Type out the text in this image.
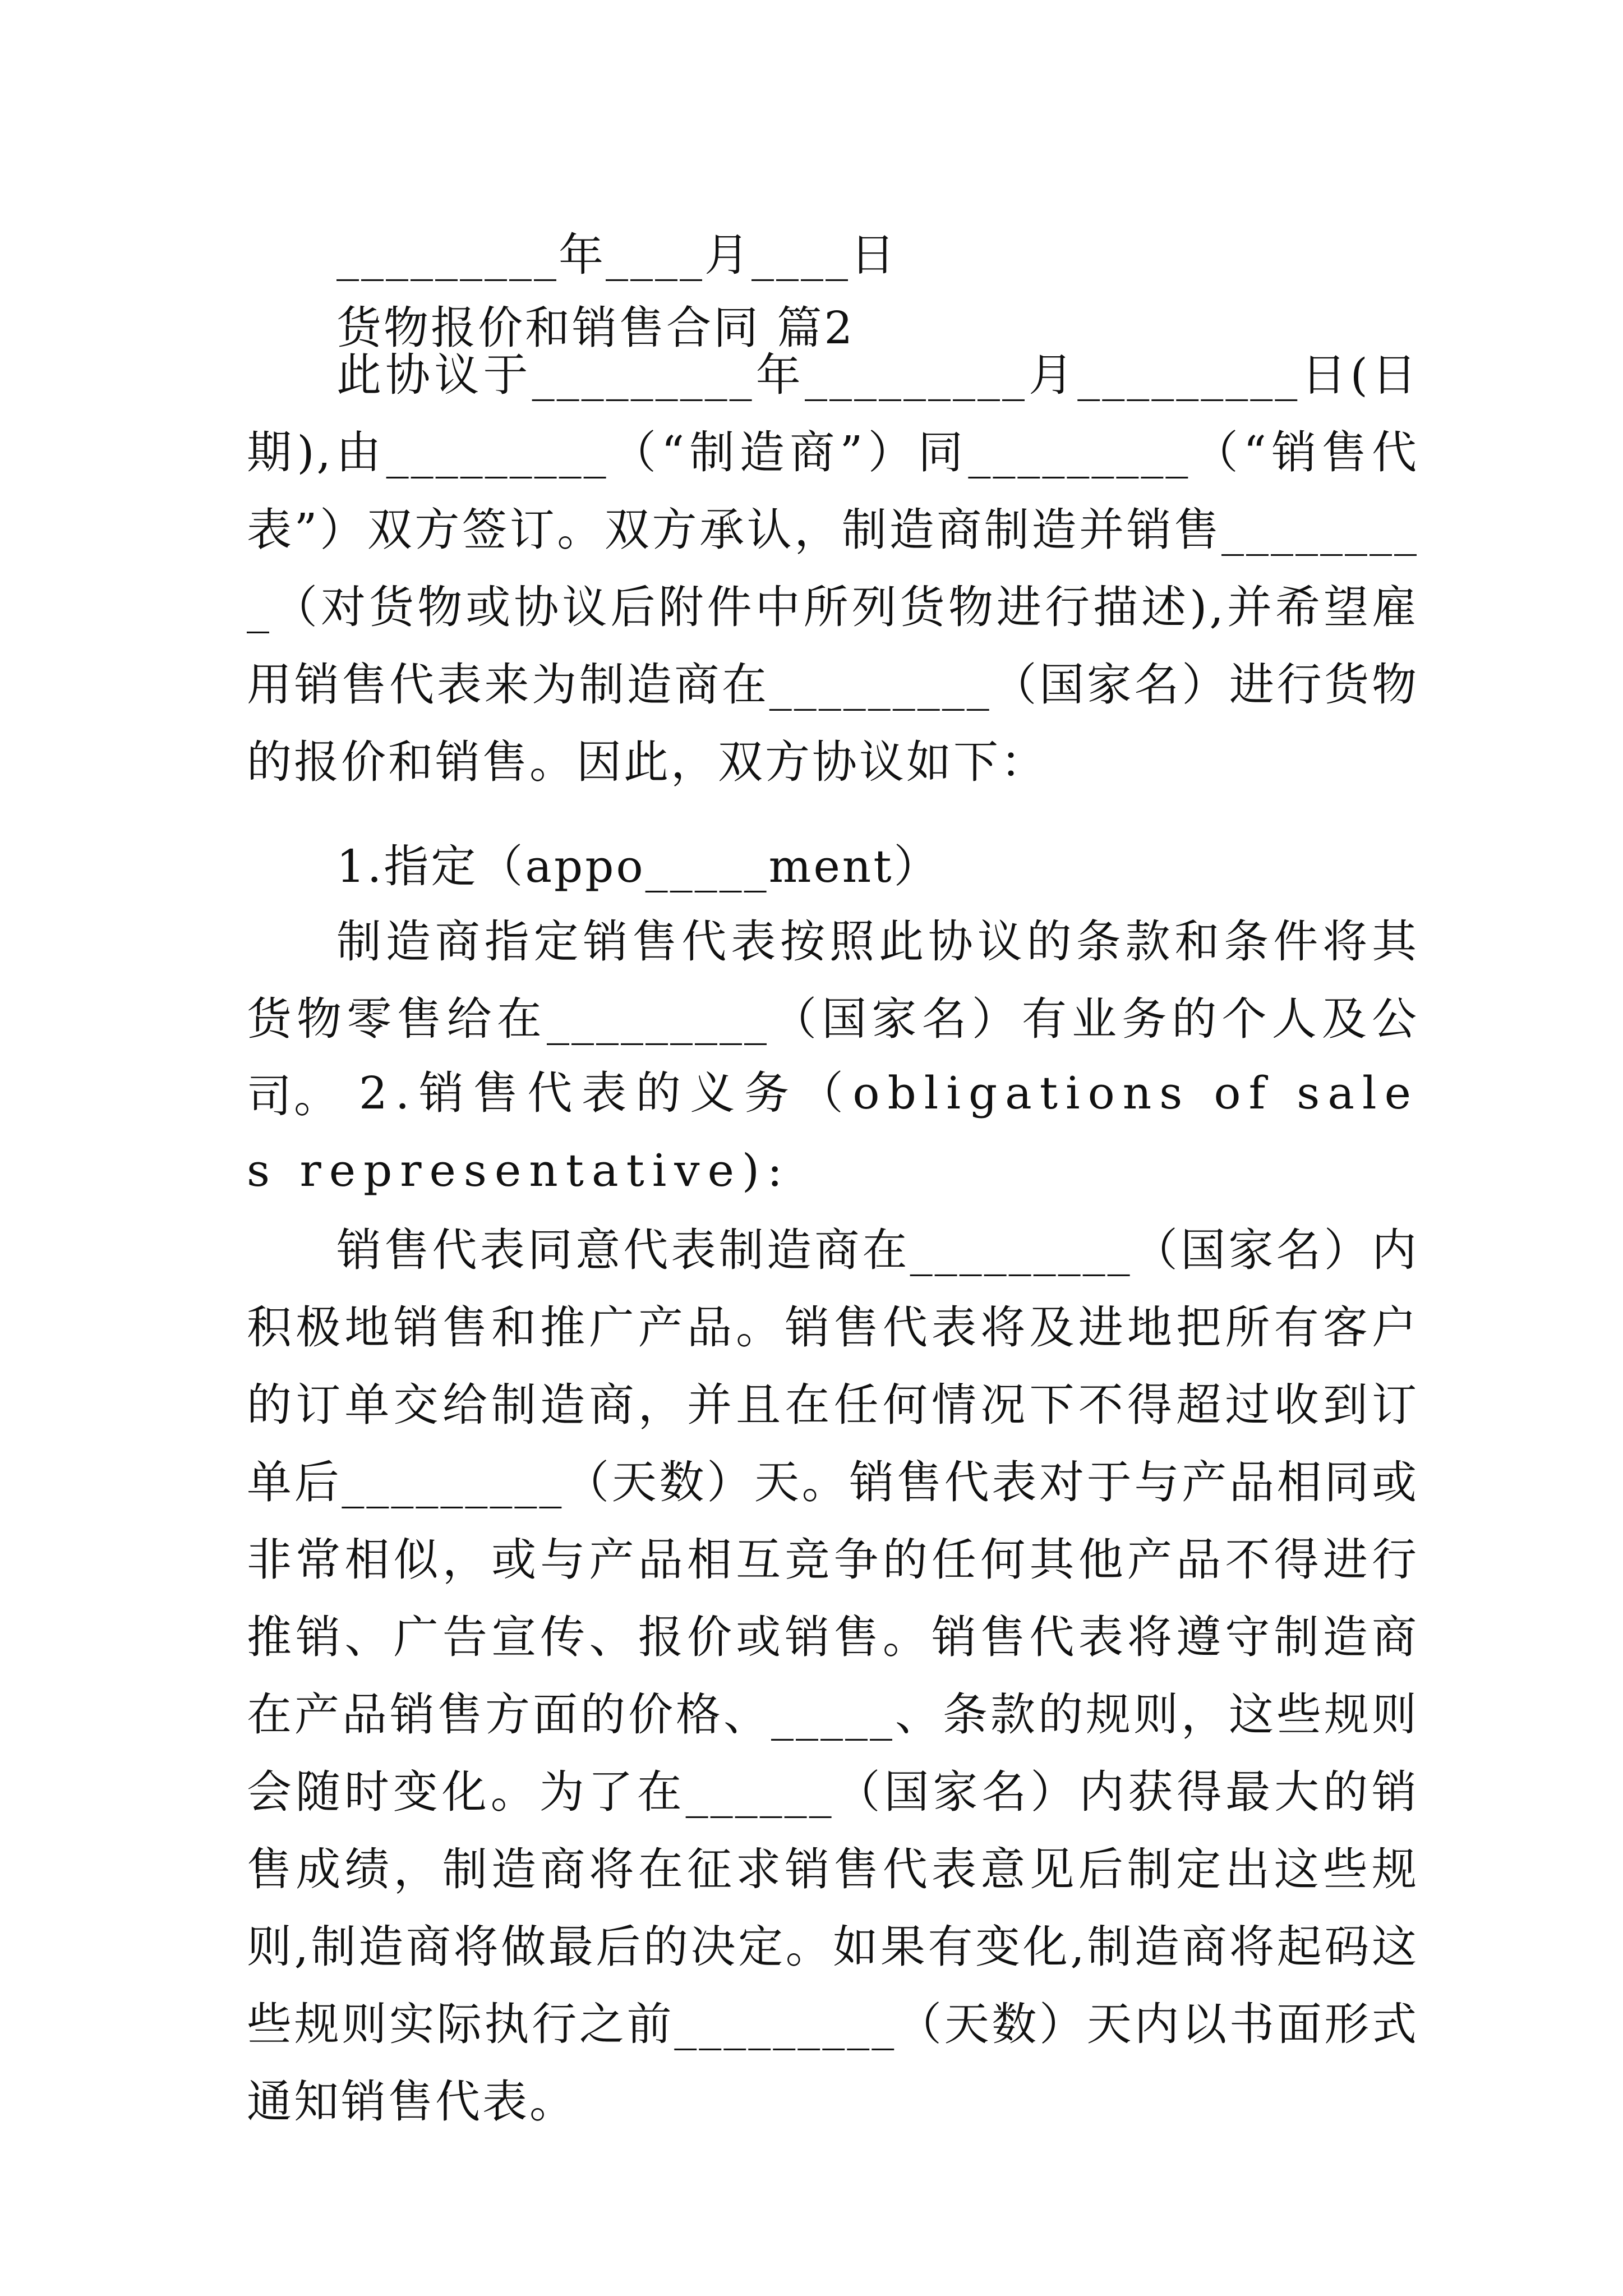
_________年____月____日

货物报价和销售合同 篇2

此协议于_________年_________月_________日(日期),由_________（“制造商”）同_________（“销售代表”）双方签订。双方承认，制造商制造并销售_________（对货物或协议后附件中所列货物进行描述),并希望雇用销售代表来为制造商在_________（国家名）进行货物的报价和销售。因此，双方协议如下：

1.指定（appo_____ment）

制造商指定销售代表按照此协议的条款和条件将其货物零售给在_________（国家名）有业务的个人及公司。 2.销售代表的义务（obligations of sales representative):

销售代表同意代表制造商在_________（国家名）内积极地销售和推广产品。销售代表将及进地把所有客户的订单交给制造商，并且在任何情况下不得超过收到订单后_________（天数）天。销售代表对于与产品相同或非常相似，或与产品相互竞争的任何其他产品不得进行推销、广告宣传、报价或销售。销售代表将遵守制造商在产品销售方面的价格、_____、条款的规则，这些规则会随时变化。为了在______（国家名）内获得最大的销售成绩，制造商将在征求销售代表意见后制定出这些规则,制造商将做最后的决定。如果有变化,制造商将起码这些规则实际执行之前_________（天数）天内以书面形式通知销售代表。
